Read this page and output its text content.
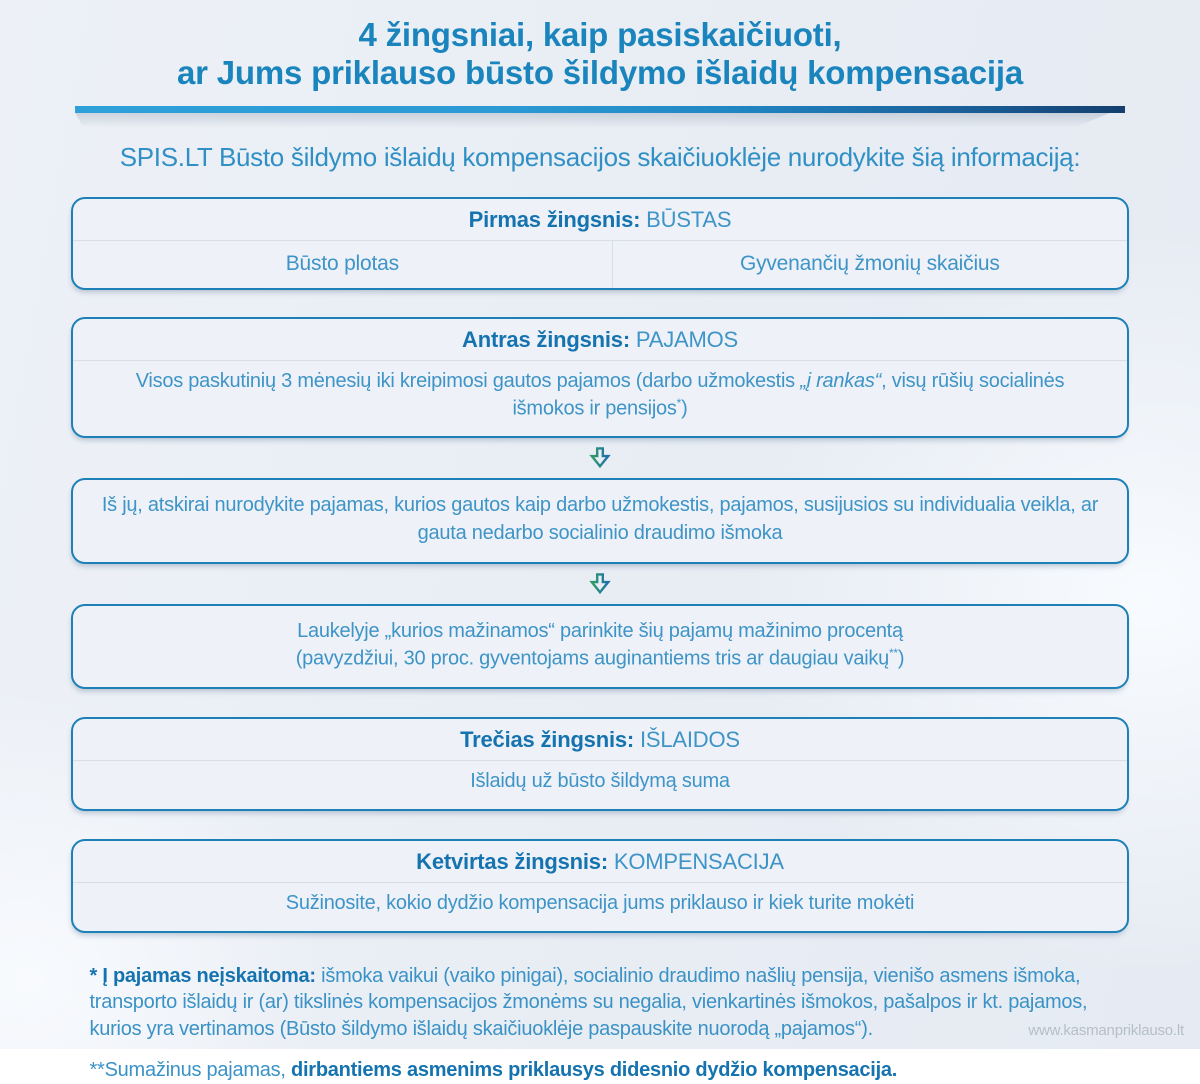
4 žingsniai, kaip pasiskaičiuoti,
ar Jums priklauso būsto šildymo išlaidų kompensacija

SPIS.LT Būsto šildymo išlaidų kompensacijos skaičiuoklėje nurodykite šią informaciją:

Pirmas žingsnis: BŪSTAS
Būsto plotas	Gyvenančių žmonių skaičius
Antras žingsnis: PAJAMOS

Visos paskutinių 3 mėnesių iki kreipimosi gautos pajamos (darbo užmokestis „į rankas“, visų rūšių socialinės išmokos ir pensijos*)

Iš jų, atskirai nurodykite pajamas, kurios gautos kaip darbo užmokestis, pajamos, susijusios su individualia veikla, ar gauta nedarbo socialinio draudimo išmoka

Laukelyje „kurios mažinamos“ parinkite šių pajamų mažinimo procentą
(pavyzdžiui, 30 proc. gyventojams auginantiems tris ar daugiau vaikų**)

Trečias žingsnis: IŠLAIDOS

Išlaidų už būsto šildymą suma

Ketvirtas žingsnis: KOMPENSACIJA

Sužinosite, kokio dydžio kompensacija jums priklauso ir kiek turite mokėti

* Į pajamas neįskaitoma: išmoka vaikui (vaiko pinigai), socialinio draudimo našlių pensija, vienišo asmens išmoka, transporto išlaidų ir (ar) tikslinės kompensacijos žmonėms su negalia, vienkartinės išmokos, pašalpos ir kt. pajamos, kurios yra vertinamos (Būsto šildymo išlaidų skaičiuoklėje paspauskite nuorodą „pajamos“).

**Sumažinus pajamas, dirbantiems asmenims priklausys didesnio dydžio kompensacija.

www.kasmanpriklauso.lt
